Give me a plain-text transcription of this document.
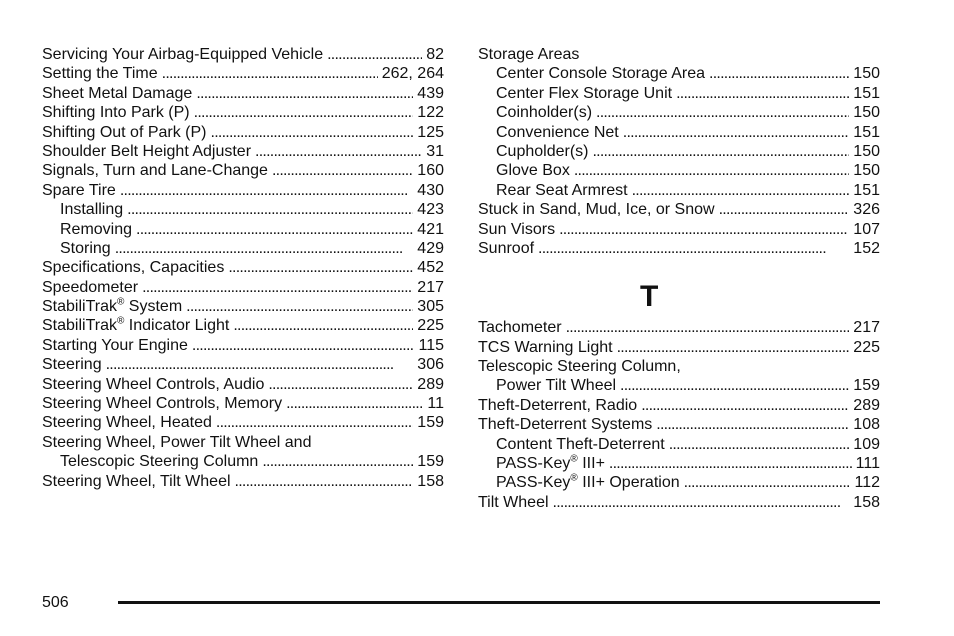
Servicing Your Airbag-Equipped Vehicle . . .	82
Setting the Time . . .	262, 264
Sheet Metal Damage . . .	439
Shifting Into Park (P) . . .	122
Shifting Out of Park (P) . . .	125
Shoulder Belt Height Adjuster . . .	31
Signals, Turn and Lane-Change . . .	160
Spare Tire . . .	430
Installing . . .	423
Removing . . .	421
Storing . . .	429
Specifications, Capacities . . .	452
Speedometer . . .	217
StabiliTrak® System . . .	305
StabiliTrak® Indicator Light . . .	225
Starting Your Engine . . .	115
Steering . . .	306
Steering Wheel Controls, Audio . . .	289
Steering Wheel Controls, Memory . . .	11
Steering Wheel, Heated . . .	159
Steering Wheel, Power Tilt Wheel and
Telescopic Steering Column . . .	159
Steering Wheel, Tilt Wheel . . .	158
Storage Areas
Center Console Storage Area . . .	150
Center Flex Storage Unit . . .	151
Coinholder(s) . . .	150
Convenience Net . . .	151
Cupholder(s) . . .	150
Glove Box . . .	150
Rear Seat Armrest . . .	151
Stuck in Sand, Mud, Ice, or Snow . . .	326
Sun Visors . . .	107
Sunroof . . .	152
T
Tachometer . . .	217
TCS Warning Light . . .	225
Telescopic Steering Column,
Power Tilt Wheel . . .	159
Theft-Deterrent, Radio . . .	289
Theft-Deterrent Systems . . .	108
Content Theft-Deterrent . . .	109
PASS-Key® III+ . . .	111
PASS-Key® III+ Operation . . .	112
Tilt Wheel . . .	158
506
